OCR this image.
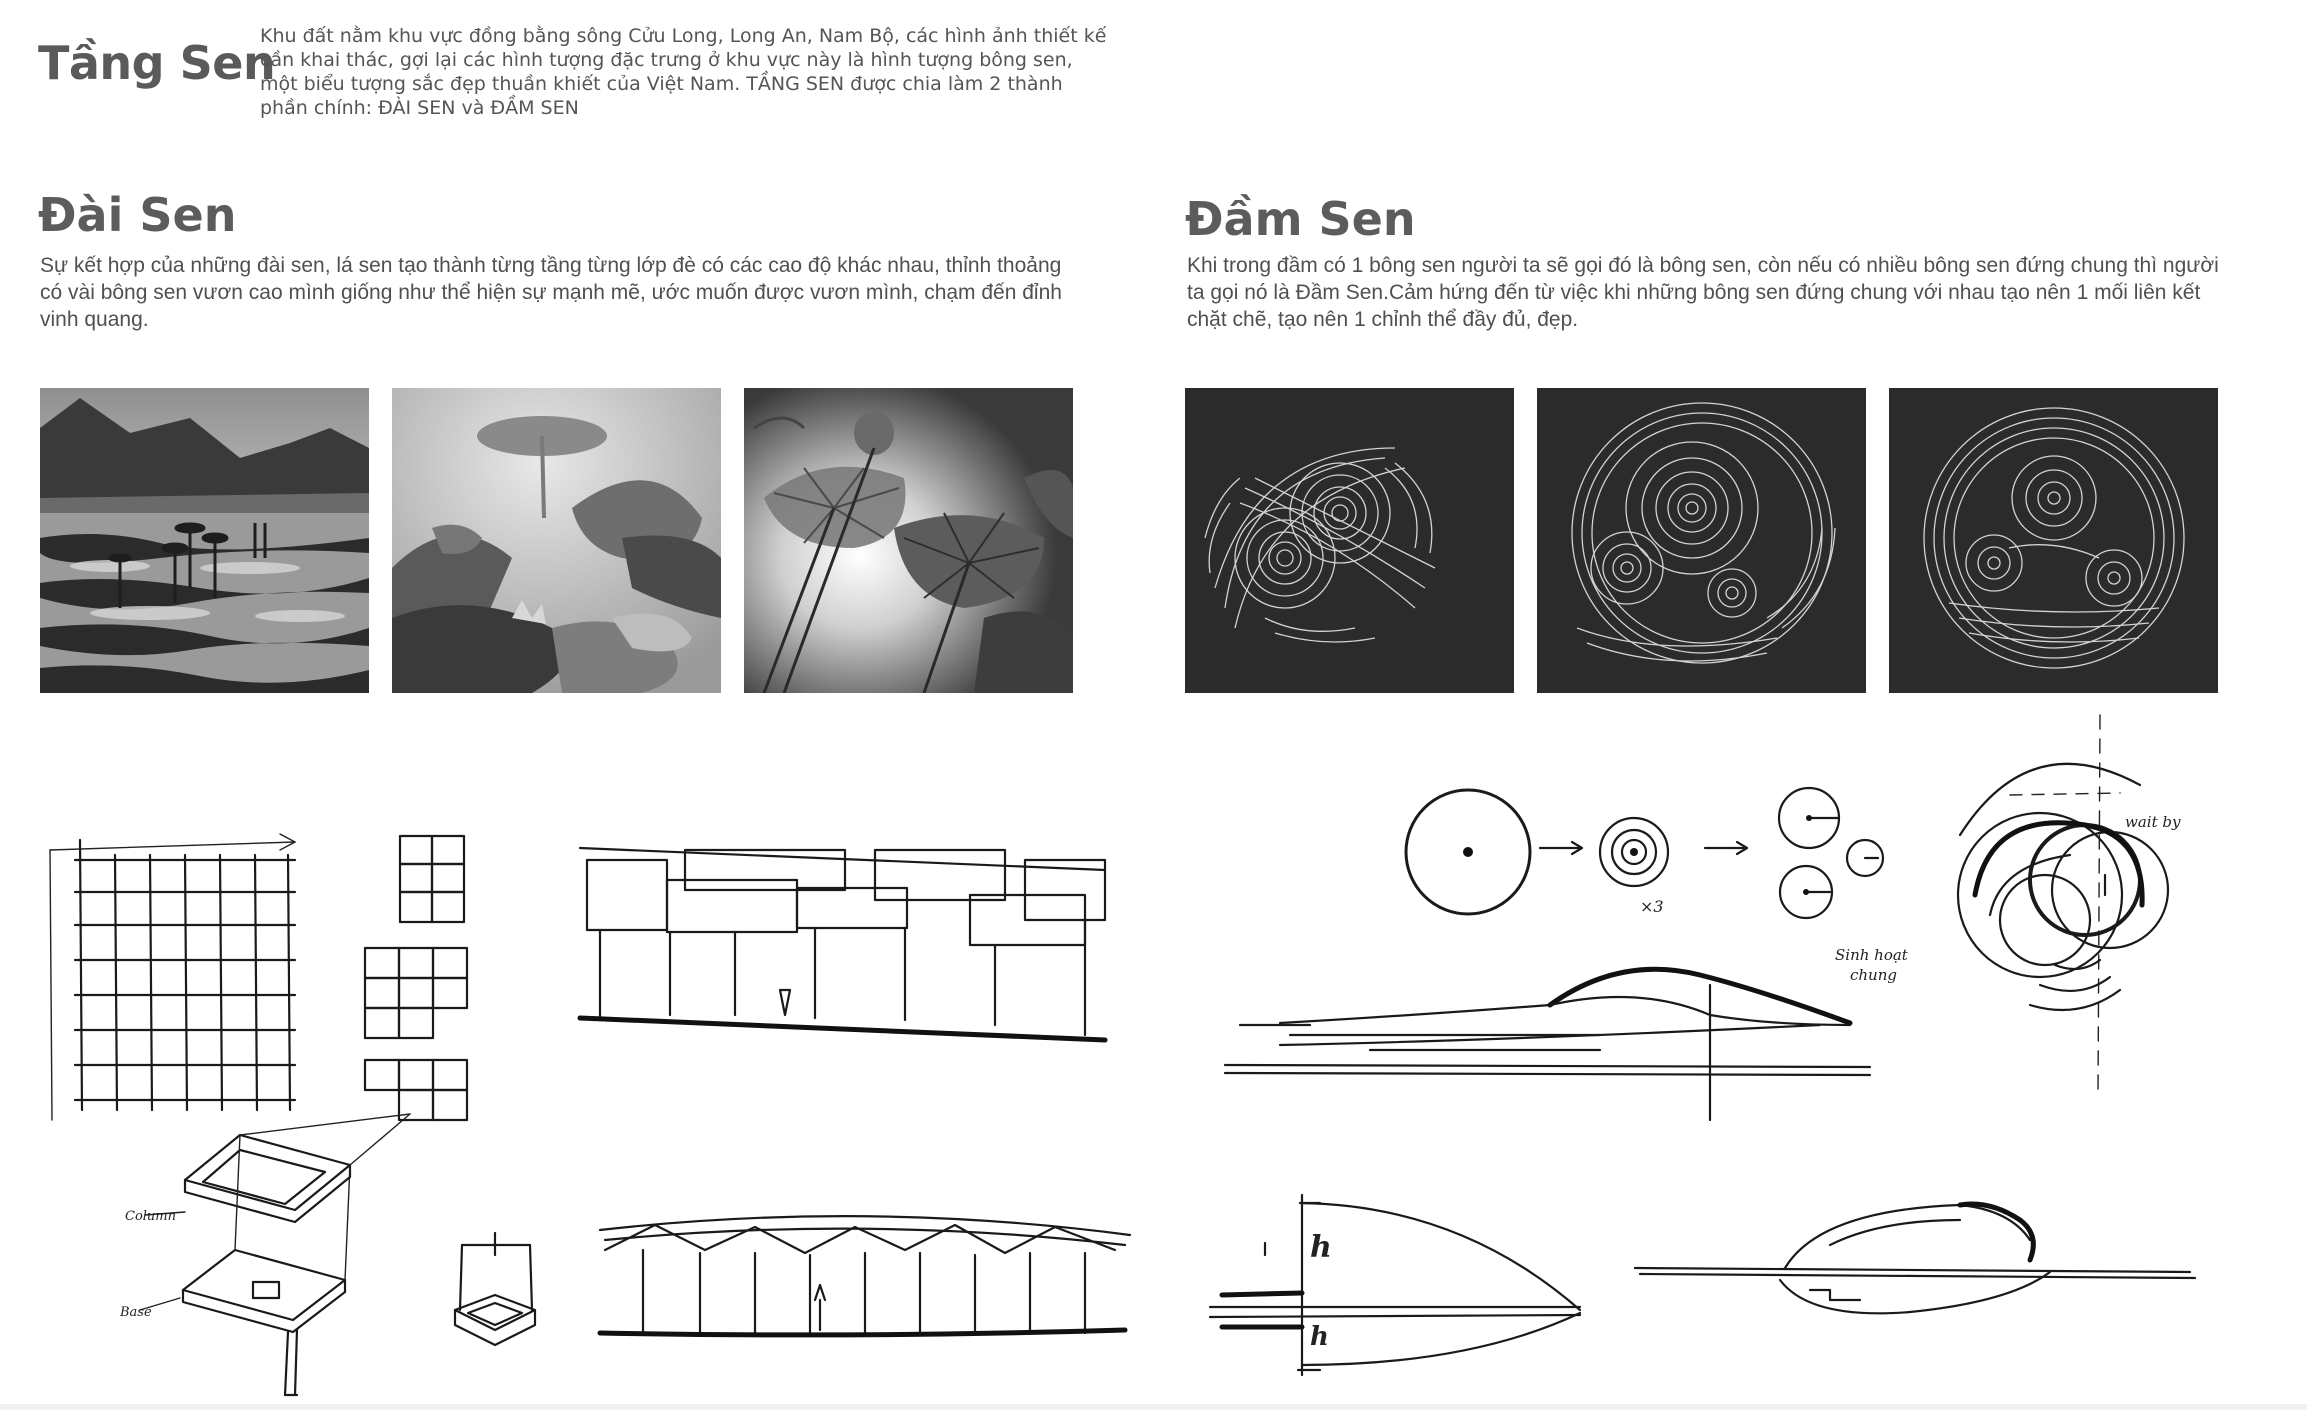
Tầng Sen
Khu đất nằm khu vực đồng bằng sông Cửu Long, Long An, Nam Bộ, các hình ảnh thiết kế cần khai thác, gợi lại các hình tượng đặc trưng ở khu vực này là hình tượng bông sen, một biểu tượng sắc đẹp thuần khiết của Việt Nam. TẦNG SEN được chia làm 2 thành phần chính: ĐÀI SEN và ĐẦM SEN
Đài Sen
Sự kết hợp của những đài sen, lá sen tạo thành từng tầng từng lớp đè có các cao độ khác nhau, thỉnh thoảng có vài bông sen vươn cao mình giống như thể hiện sự mạnh mẽ, ước muốn được vươn mình, chạm đến đỉnh vinh quang.
Đầm Sen
Khi trong đầm có 1 bông sen người ta sẽ gọi đó là bông sen, còn nếu có nhiều bông sen đứng chung thì người ta gọi nó là Đầm Sen.Cảm hứng đến từ việc khi những bông sen đứng chung với nhau tạo nên 1 mối liên kết chặt chẽ, tạo nên 1 chỉnh thể đầy đủ, đẹp.
Column
Base
×3
wait by
Sinh hoạt
chung
h
h
